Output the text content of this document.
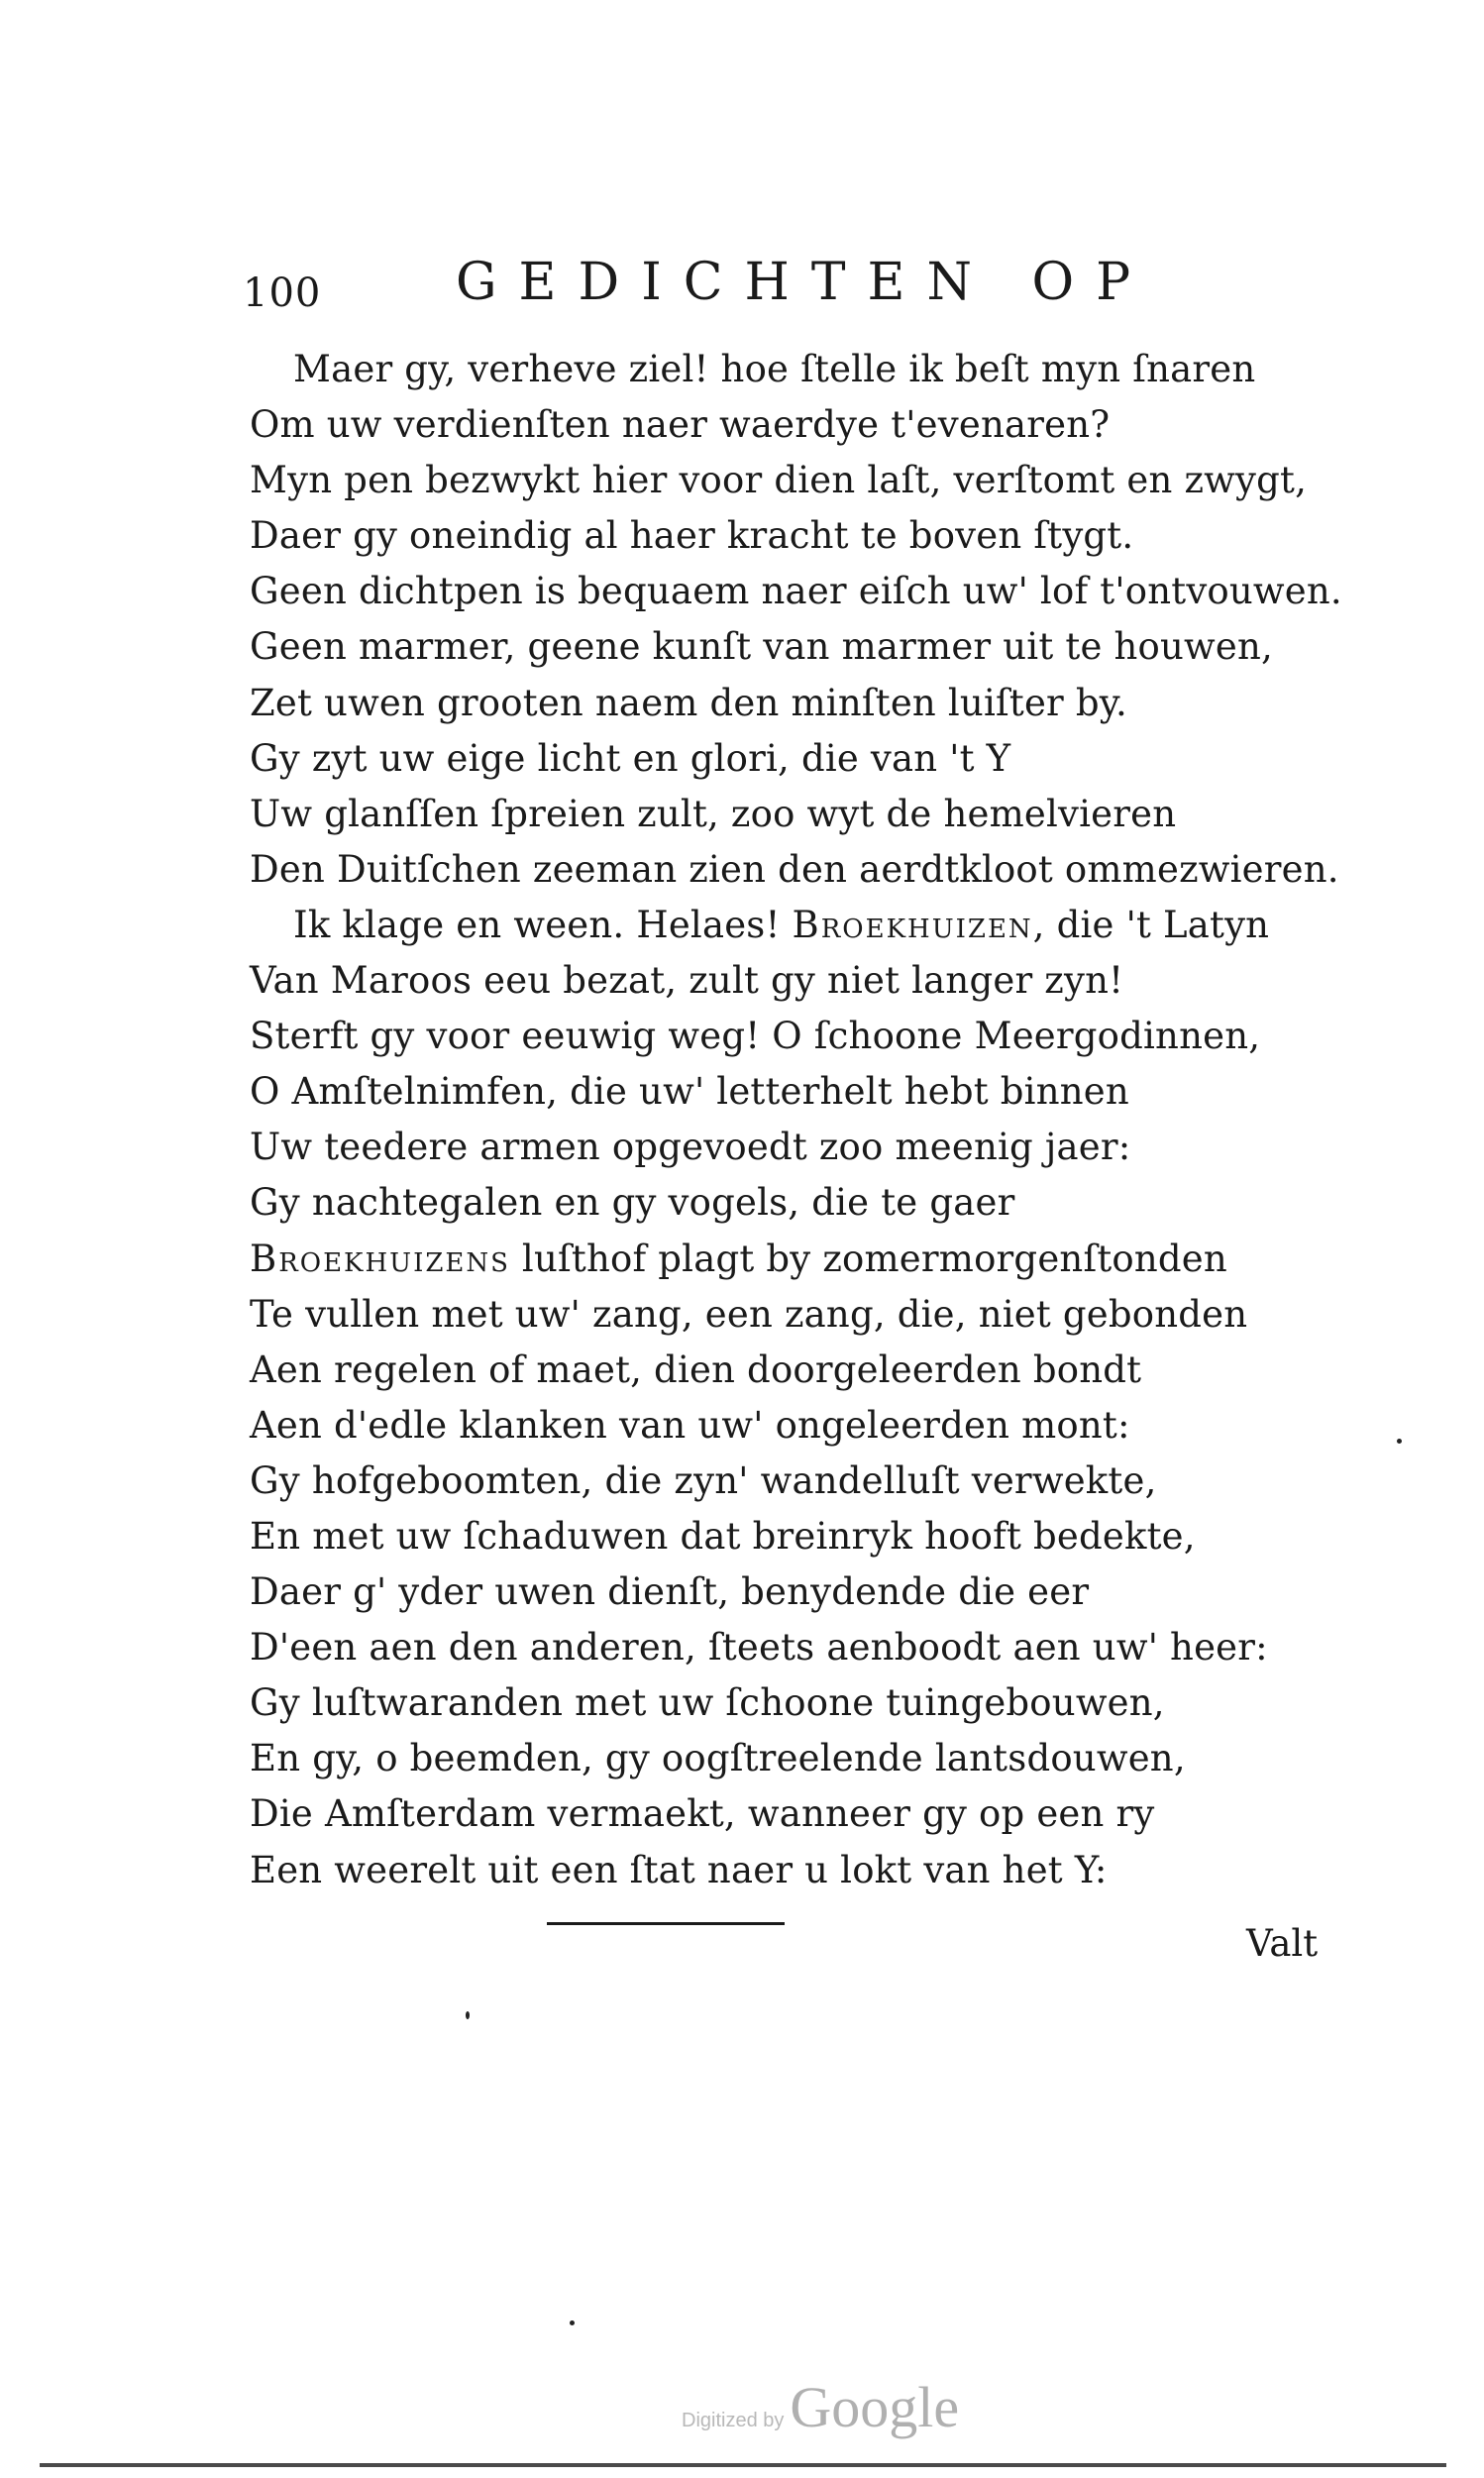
100	GEDICHTEN OP
Maer gy, verheve ziel! hoe ſtelle ik beſt myn ſnaren
Om uw verdienſten naer waerdye t'evenaren?
Myn pen bezwykt hier voor dien laſt, verſtomt en zwygt,
Daer gy oneindig al haer kracht te boven ſtygt.
Geen dichtpen is bequaem naer eiſch uw' lof t'ontvouwen.
Geen marmer, geene kunſt van marmer uit te houwen,
Zet uwen grooten naem den minſten luiſter by.
Gy zyt uw eige licht en glori, die van 't Y
Uw glanſſen ſpreien zult, zoo wyt de hemelvieren
Den Duitſchen zeeman zien den aerdtkloot ommezwieren.
Ik klage en ween. Helaes! Broekhuizen, die 't Latyn
Van Maroos eeu bezat, zult gy niet langer zyn!
Sterft gy voor eeuwig weg! O ſchoone Meergodinnen,
O Amſtelnimfen, die uw' letterhelt hebt binnen
Uw teedere armen opgevoedt zoo meenig jaer:
Gy nachtegalen en gy vogels, die te gaer
Broekhuizens luſthof plagt by zomermorgenſtonden
Te vullen met uw' zang, een zang, die, niet gebonden
Aen regelen of maet, dien doorgeleerden bondt
Aen d'edle klanken van uw' ongeleerden mont:
Gy hofgeboomten, die zyn' wandelluſt verwekte,
En met uw ſchaduwen dat breinryk hooft bedekte,
Daer g' yder uwen dienſt, benydende die eer
D'een aen den anderen, ſteets aenboodt aen uw' heer:
Gy luſtwaranden met uw ſchoone tuingebouwen,
En gy, o beemden, gy oogſtreelende lantsdouwen,
Die Amſterdam vermaekt, wanneer gy op een ry
Een weerelt uit een ſtat naer u lokt van het Y:
Valt
Digitized by Google
